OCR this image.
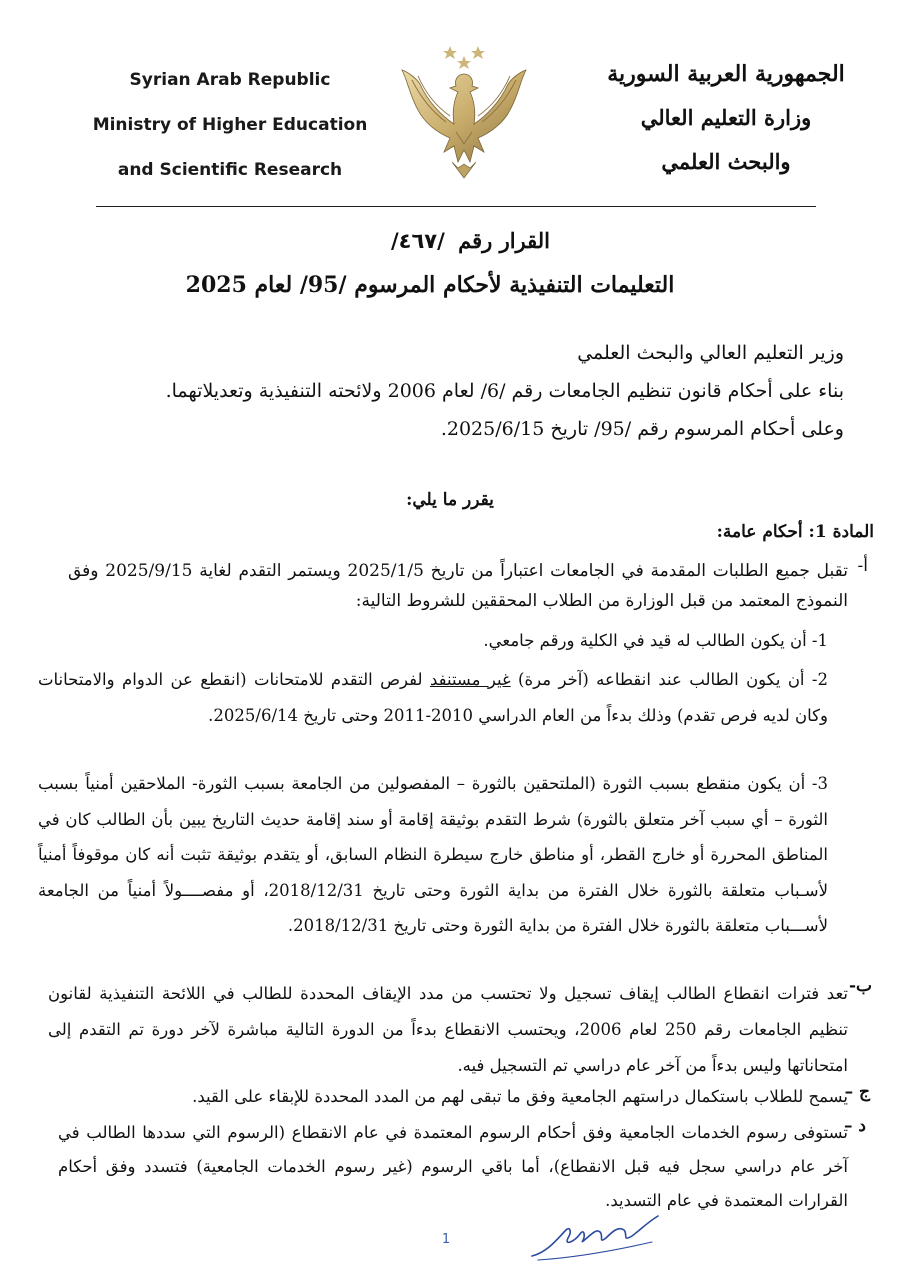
Syrian Arab Republic
Ministry of Higher Education
and Scientific Research
الجمهورية العربية السورية
وزارة التعليم العالي
والبحث العلمي
القرار رقم /٤٦٧/
التعليمات التنفيذية لأحكام المرسوم /95/ لعام 2025
وزير التعليم العالي والبحث العلمي
بناء على أحكام قانون تنظيم الجامعات رقم /6/ لعام 2006 ولائحته التنفيذية وتعديلاتهما.
وعلى أحكام المرسوم رقم /95/ تاريخ 2025/6/15.
يقرر ما يلي:
المادة 1: أحكام عامة:
أ-
تقبل جميع الطلبات المقدمة في الجامعات اعتباراً من تاريخ 2025/1/5 ويستمر التقدم لغاية 2025/9/15 وفق النموذج المعتمد من قبل الوزارة من الطلاب المحققين للشروط التالية:
1- أن يكون الطالب له قيد في الكلية ورقم جامعي.
2- أن يكون الطالب عند انقطاعه (آخر مرة) غير مستنفد لفرص التقدم للامتحانات (انقطع عن الدوام والامتحانات وكان لديه فرص تقدم) وذلك بدءاً من العام الدراسي 2010-2011 وحتى تاريخ 2025/6/14.
3- أن يكون منقطع بسبب الثورة (الملتحقين بالثورة – المفصولين من الجامعة بسبب الثورة- الملاحقين أمنياً بسبب الثورة – أي سبب آخر متعلق بالثورة) شرط التقدم بوثيقة إقامة أو سند إقامة حديث التاريخ يبين بأن الطالب كان في المناطق المحررة أو خارج القطر، أو مناطق خارج سيطرة النظام السابق، أو يتقدم بوثيقة تثبت أنه كان موقوفاً أمنياً لأسـباب متعلقة بالثورة خلال الفترة من بداية الثورة وحتى تاريخ 2018/12/31، أو مفصــــولاً أمنياً من الجامعة لأســـباب متعلقة بالثورة خلال الفترة من بداية الثورة وحتى تاريخ 2018/12/31.
ب-
تعد فترات انقطاع الطالب إيقاف تسجيل ولا تحتسب من مدد الإيقاف المحددة للطالب في اللائحة التنفيذية لقانون تنظيم الجامعات رقم 250 لعام 2006، ويحتسب الانقطاع بدءاً من الدورة التالية مباشرة لآخر دورة تم التقدم إلى امتحاناتها وليس بدءاً من آخر عام دراسي تم التسجيل فيه.
ج –
يسمح للطلاب باستكمال دراستهم الجامعية وفق ما تبقى لهم من المدد المحددة للإبقاء على القيد.
د –
تستوفى رسوم الخدمات الجامعية وفق أحكام الرسوم المعتمدة في عام الانقطاع (الرسوم التي سددها الطالب في آخر عام دراسي سجل فيه قبل الانقطاع)، أما باقي الرسوم (غير رسوم الخدمات الجامعية) فتسدد وفق أحكام القرارات المعتمدة في عام التسديد.
1
